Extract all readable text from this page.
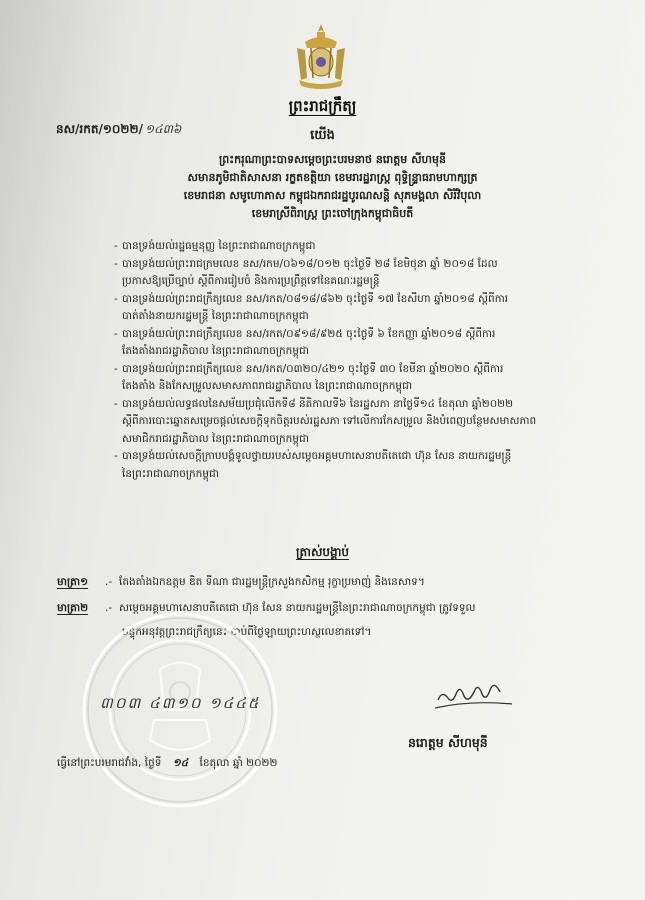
ព្រះរាជក្រឹត្យ
នស/រកត/១០២២/ ១៤៣៦	យើង
ព្រះករុណាព្រះបាទសម្តេចព្រះបរមនាថ នរោត្តម សីហមុនី
សមានភូមិជាតិសាសនា រក្ខតខត្តិយា ខេមរារដ្ឋរាស្ត្រ ពុទ្ធិន្ទ្រាធរាមហាក្សត្រ
ខេមរាជនា សមូហោភាស កម្ពុជឯករាជរដ្ឋបូរណសន្តិ សុភមង្គលា សិរីវិបុលា
ខេមរាស្រីពិរាស្ត្រ ព្រះចៅក្រុងកម្ពុជាធិបតី
- បានទ្រង់យល់រដ្ឋធម្មនុញ្ញ នៃព្រះរាជាណាចក្រកម្ពុជា
- បានទ្រង់យល់ព្រះរាជក្រមលេខ នស/រកម/០៦១៨/០១២ ចុះថ្ងៃទី ២៨ ខែមិថុនា ឆ្នាំ ២០១៨ ដែល
ប្រកាសឱ្យប្រើច្បាប់ ស្តីពីការរៀបចំ និងការប្រព្រឹត្តទៅនៃគណៈរដ្ឋមន្ត្រី
- បានទ្រង់យល់ព្រះរាជក្រឹត្យលេខ នស/រកត/០៨១៨/៨៦២ ចុះថ្ងៃទី ១៧ ខែសីហា ឆ្នាំ២០១៨ ស្តីពីការ
បាត់តាំងនាយករដ្ឋមន្ត្រី នៃព្រះរាជាណាចក្រកម្ពុជា
- បានទ្រង់យល់ព្រះរាជក្រឹត្យលេខ នស/រកត/០៩១៨/៩២៥ ចុះថ្ងៃទី ៦ ខែកញ្ញា ឆ្នាំ២០១៨ ស្តីពីការ
តែងតាំងរាជរដ្ឋាភិបាល នៃព្រះរាជាណាចក្រកម្ពុជា
- បានទ្រង់យល់ព្រះរាជក្រឹត្យលេខ នស/រកត/០៣២០/៤២១ ចុះថ្ងៃទី ៣០ ខែមីនា ឆ្នាំ២០២០ ស្តីពីការ
តែងតាំង និងកែសម្រួលសមាសភាពរាជរដ្ឋាភិបាល នៃព្រះរាជាណាចក្រកម្ពុជា
- បានទ្រង់យល់លទ្ធផលនៃសម័យប្រជុំលើកទី៨ នីតិកាលទី៦ នៃរដ្ឋសភា នាថ្ងៃទី១៤ ខែតុលា ឆ្នាំ២០២២
ស្តីពីការបោះឆ្នោតសម្រេចផ្តល់សេចក្តីទុកចិត្តរបស់រដ្ឋសភា ទៅលើការកែសម្រួល និងបំពេញបន្ថែមសមាសភាព
សមាជិករាជរដ្ឋាភិបាល នៃព្រះរាជាណាចក្រកម្ពុជា
- បានទ្រង់យល់សេចក្តីក្រាបបង្គំទូលថ្វាយរបស់សម្តេចអគ្គមហាសេនាបតីតេជោ ហ៊ុន សែន នាយករដ្ឋមន្ត្រី
នៃព្រះរាជាណាចក្រកម្ពុជា
ត្រាស់បង្គាប់
មាត្រា១ .- តែងតាំងឯកឧត្តម ឌិត ទីណា ជារដ្ឋមន្ត្រីក្រសួងកសិកម្ម រុក្ខាប្រមាញ់ និងនេសាទ។
មាត្រា២ .- សម្តេចអគ្គមហាសេនាបតីតេជោ ហ៊ុន សែន នាយករដ្ឋមន្ត្រីនៃព្រះរាជាណាចក្រកម្ពុជា ត្រូវទទួល
បន្ទុកអនុវត្តព្រះរាជក្រឹត្យនេះ ចាប់ពីថ្ងៃឡាយព្រះហស្ថលេខាតទៅ។
៣០៣ ៤៣១០ ១៤៤៥
នរោត្តម សីហមុនី
ធ្វើនៅព្រះបរមរាជវាំង, ថ្ងៃទី ១៤ ខែតុលា ឆ្នាំ ២០២២
